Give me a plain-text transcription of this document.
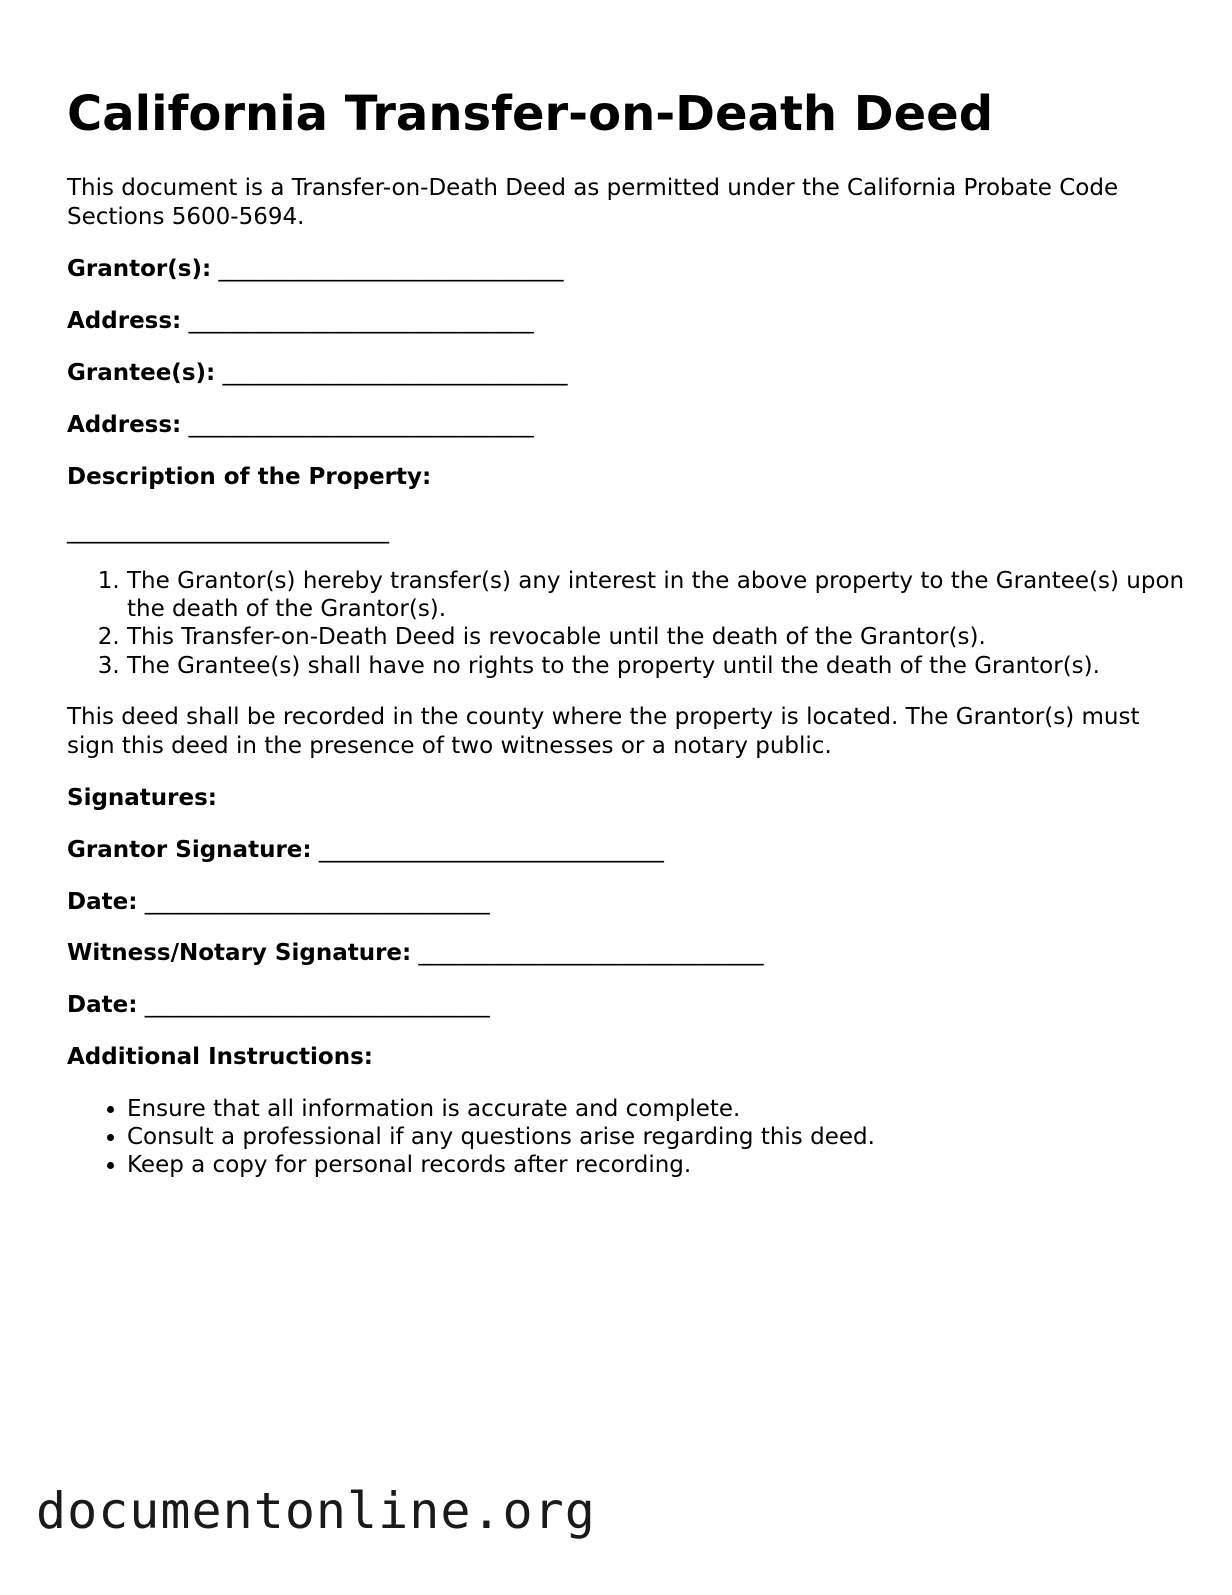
California Transfer-on-Death Deed

This document is a Transfer-on-Death Deed as permitted under the California Probate Code Sections 5600-5694.

Grantor(s): ______________________________
Address: ______________________________
Grantee(s): ______________________________
Address: ______________________________
Description of the Property:
____________________________
1. The Grantor(s) hereby transfer(s) any interest in the above property to the Grantee(s) upon the death of the Grantor(s).
2. This Transfer-on-Death Deed is revocable until the death of the Grantor(s).
3. The Grantee(s) shall have no rights to the property until the death of the Grantor(s).

This deed shall be recorded in the county where the property is located. The Grantor(s) must sign this deed in the presence of two witnesses or a notary public.

Signatures:
Grantor Signature: ______________________________
Date: ______________________________
Witness/Notary Signature: ______________________________
Date: ______________________________
Additional Instructions:
• Ensure that all information is accurate and complete.
• Consult a professional if any questions arise regarding this deed.
• Keep a copy for personal records after recording.
documentonline.org
